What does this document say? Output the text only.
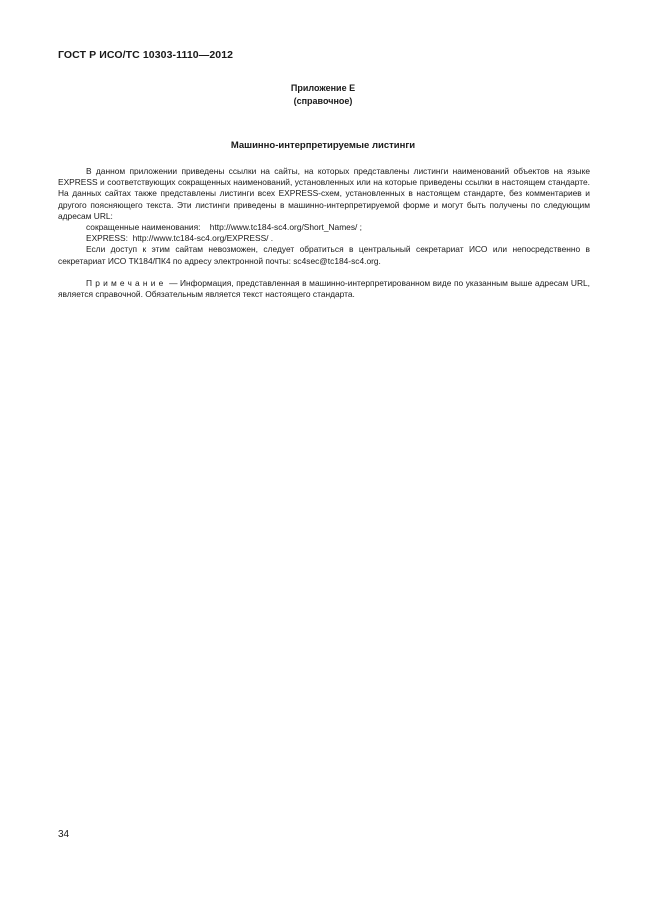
ГОСТ Р ИСО/ТС 10303-1110—2012
Приложение Е
(справочное)
Машинно-интерпретируемые листинги

В данном приложении приведены ссылки на сайты, на которых представлены листинги наименований объектов на языке EXPRESS и соответствующих сокращенных наименований, установленных или на которые приведены ссылки в настоящем стандарте. На данных сайтах также представлены листинги всех EXPRESS-схем, установленных в настоящем стандарте, без комментариев и другого поясняющего текста. Эти листинги приведены в машинно-интерпретируемой форме и могут быть получены по следующим адресам URL:

сокращенные наименования: http://www.tc184-sc4.org/Short_Names/ ;
EXPRESS: http://www.tc184-sc4.org/EXPRESS/ .

Если доступ к этим сайтам невозможен, следует обратиться в центральный секретариат ИСО или непосредственно в секретариат ИСО ТК184/ПК4 по адресу электронной почты: sc4sec@tc184-sc4.org.

Примечание — Информация, представленная в машинно-интерпретированном виде по указанным выше адресам URL, является справочной. Обязательным является текст настоящего стандарта.

34
